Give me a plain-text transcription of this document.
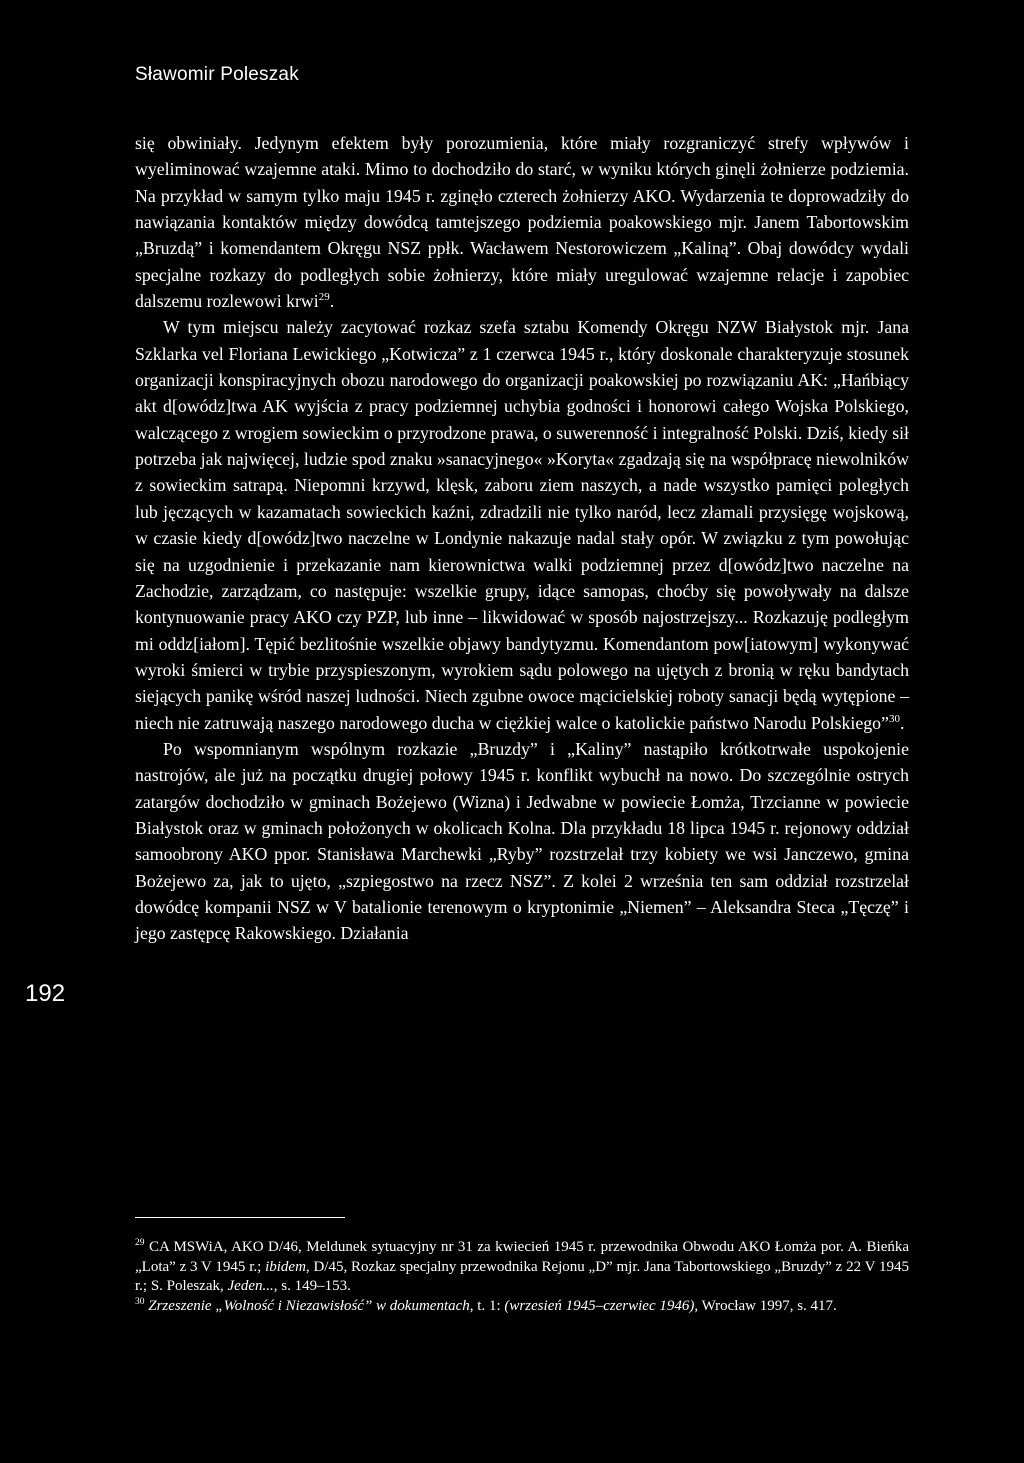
Sławomir Poleszak
192

się obwiniały. Jedynym efektem były porozumienia, które miały rozgraniczyć strefy wpływów i wyeliminować wzajemne ataki. Mimo to dochodziło do starć, w wyniku których ginęli żołnierze podziemia. Na przykład w samym tylko maju 1945 r. zginęło czterech żołnierzy AKO. Wydarzenia te doprowadziły do nawiązania kontaktów między dowódcą tamtejszego podziemia poakowskiego mjr. Janem Tabortowskim „Bruzdą” i komendantem Okręgu NSZ ppłk. Wacławem Nestorowiczem „Kaliną”. Obaj dowódcy wydali specjalne rozkazy do podległych sobie żołnierzy, które miały uregulować wzajemne relacje i zapobiec dalszemu rozlewowi krwi$^{29}$.

W tym miejscu należy zacytować rozkaz szefa sztabu Komendy Okręgu NZW Białystok mjr. Jana Szklarka vel Floriana Lewickiego „Kotwicza” z 1 czerwca 1945 r., który doskonale charakteryzuje stosunek organizacji konspiracyjnych obozu narodowego do organizacji poakowskiej po rozwiązaniu AK: „Hańbiący akt d[owódz]twa AK wyjścia z pracy podziemnej uchybia godności i honorowi całego Wojska Polskiego, walczącego z wrogiem sowieckim o przyrodzone prawa, o suwerenność i integralność Polski. Dziś, kiedy sił potrzeba jak najwięcej, ludzie spod znaku »sanacyjnego« »Koryta« zgadzają się na współpracę niewolników z sowieckim satrapą. Niepomni krzywd, klęsk, zaboru ziem naszych, a nade wszystko pamięci poległych lub jęczących w kazamatach sowieckich kaźni, zdradzili nie tylko naród, lecz złamali przysięgę wojskową, w czasie kiedy d[owódz]two naczelne w Londynie nakazuje nadal stały opór. W związku z tym powołując się na uzgodnienie i przekazanie nam kierownictwa walki podziemnej przez d[owódz]two naczelne na Zachodzie, zarządzam, co następuje: wszelkie grupy, idące samopas, choćby się powoływały na dalsze kontynuowanie pracy AKO czy PZP, lub inne – likwidować w sposób najostrzejszy... Rozkazuję podległym mi oddz[iałom]. Tępić bezlitośnie wszelkie objawy bandytyzmu. Komendantom pow[iatowym] wykonywać wyroki śmierci w trybie przyspieszonym, wyrokiem sądu polowego na ujętych z bronią w ręku bandytach siejących panikę wśród naszej ludności. Niech zgubne owoce mącicielskiej roboty sanacji będą wytępione – niech nie zatruwają naszego narodowego ducha w ciężkiej walce o katolickie państwo Narodu Polskiego”$^{30}$.

Po wspomnianym wspólnym rozkazie „Bruzdy” i „Kaliny” nastąpiło krótkotrwałe uspokojenie nastrojów, ale już na początku drugiej połowy 1945 r. konflikt wybuchł na nowo. Do szczególnie ostrych zatargów dochodziło w gminach Bożejewo (Wizna) i Jedwabne w powiecie Łomża, Trzcianne w powiecie Białystok oraz w gminach położonych w okolicach Kolna. Dla przykładu 18 lipca 1945 r. rejonowy oddział samoobrony AKO ppor. Stanisława Marchewki „Ryby” rozstrzelał trzy kobiety we wsi Janczewo, gmina Bożejewo za, jak to ujęto, „szpiegostwo na rzecz NSZ”. Z kolei 2 września ten sam oddział rozstrzelał dowódcę kompanii NSZ w V batalionie terenowym o kryptonimie „Niemen” – Aleksandra Steca „Tęczę” i jego zastępcę Rakowskiego. Działania

$^{29}$ CA MSWiA, AKO D/46, Meldunek sytuacyjny nr 31 za kwiecień 1945 r. przewodnika Obwodu AKO Łomża por. A. Bieńka „Lota” z 3 V 1945 r.; ibidem, D/45, Rozkaz specjalny przewodnika Rejonu „D” mjr. Jana Tabortowskiego „Bruzdy” z 22 V 1945 r.; S. Poleszak, Jeden..., s. 149–153.

$^{30}$ Zrzeszenie „Wolność i Niezawisłość” w dokumentach, t. 1: (wrzesień 1945–czerwiec 1946), Wrocław 1997, s. 417.
